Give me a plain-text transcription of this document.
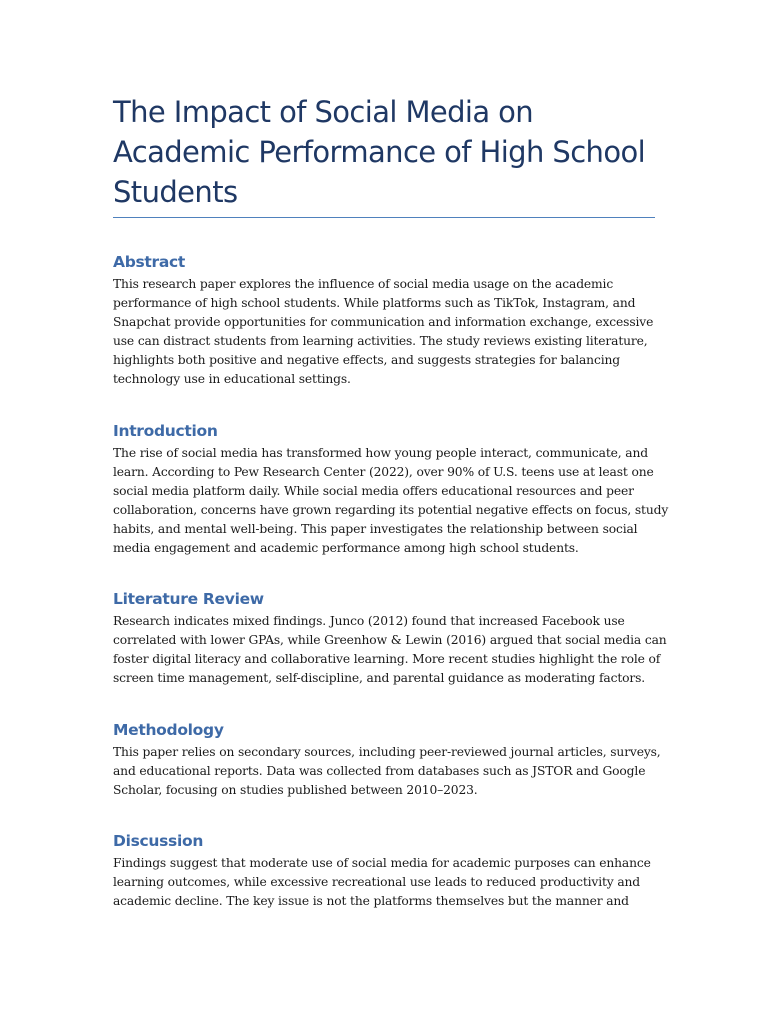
The Impact of Social Media on
Academic Performance of High School
Students
Abstract

This research paper explores the influence of social media usage on the academic
performance of high school students. While platforms such as TikTok, Instagram, and
Snapchat provide opportunities for communication and information exchange, excessive
use can distract students from learning activities. The study reviews existing literature,
highlights both positive and negative effects, and suggests strategies for balancing
technology use in educational settings.

Introduction

The rise of social media has transformed how young people interact, communicate, and
learn. According to Pew Research Center (2022), over 90% of U.S. teens use at least one
social media platform daily. While social media offers educational resources and peer
collaboration, concerns have grown regarding its potential negative effects on focus, study
habits, and mental well-being. This paper investigates the relationship between social
media engagement and academic performance among high school students.

Literature Review

Research indicates mixed findings. Junco (2012) found that increased Facebook use
correlated with lower GPAs, while Greenhow & Lewin (2016) argued that social media can
foster digital literacy and collaborative learning. More recent studies highlight the role of
screen time management, self-discipline, and parental guidance as moderating factors.

Methodology

This paper relies on secondary sources, including peer-reviewed journal articles, surveys,
and educational reports. Data was collected from databases such as JSTOR and Google
Scholar, focusing on studies published between 2010–2023.

Discussion

Findings suggest that moderate use of social media for academic purposes can enhance
learning outcomes, while excessive recreational use leads to reduced productivity and
academic decline. The key issue is not the platforms themselves but the manner and
